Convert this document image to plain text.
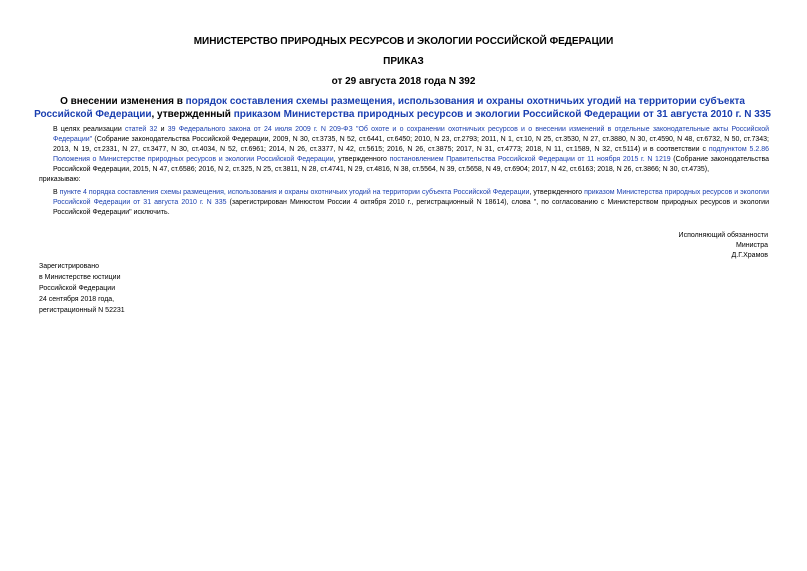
МИНИСТЕРСТВО ПРИРОДНЫХ РЕСУРСОВ И ЭКОЛОГИИ РОССИЙСКОЙ ФЕДЕРАЦИИ
ПРИКАЗ
от 29 августа 2018 года N 392
О внесении изменения в порядок составления схемы размещения, использования и охраны охотничьих угодий на территории субъекта Российской Федерации, утвержденный приказом Министерства природных ресурсов и экологии Российской Федерации от 31 августа 2010 г. N 335

В целях реализации статей 32 и 39 Федерального закона от 24 июля 2009 г. N 209-ФЗ "Об охоте и о сохранении охотничьих ресурсов и о внесении изменений в отдельные законодательные акты Российской Федерации" (Собрание законодательства Российской Федерации, 2009, N 30, ст.3735, N 52, ст.6441, ст.6450; 2010, N 23, ст.2793; 2011, N 1, ст.10, N 25, ст.3530, N 27, ст.3880, N 30, ст.4590, N 48, ст.6732, N 50, ст.7343; 2013, N 19, ст.2331, N 27, ст.3477, N 30, ст.4034, N 52, ст.6961; 2014, N 26, ст.3377, N 42, ст.5615; 2016, N 26, ст.3875; 2017, N 31, ст.4773; 2018, N 11, ст.1589, N 32, ст.5114) и в соответствии с подпунктом 5.2.86 Положения о Министерстве природных ресурсов и экологии Российской Федерации, утвержденного постановлением Правительства Российской Федерации от 11 ноября 2015 г. N 1219 (Собрание законодательства Российской Федерации, 2015, N 47, ст.6586; 2016, N 2, ст.325, N 25, ст.3811, N 28, ст.4741, N 29, ст.4816, N 38, ст.5564, N 39, ст.5658, N 49, ст.6904; 2017, N 42, ст.6163; 2018, N 26, ст.3866; N 30, ст.4735),

приказываю:

В пункте 4 порядка составления схемы размещения, использования и охраны охотничьих угодий на территории субъекта Российской Федерации, утвержденного приказом Министерства природных ресурсов и экологии Российской Федерации от 31 августа 2010 г. N 335 (зарегистрирован Минюстом России 4 октября 2010 г., регистрационный N 18614), слова ", по согласованию с Министерством природных ресурсов и экологии Российской Федерации" исключить.

Исполняющий обязанности
Министра
Д.Г.Храмов
Зарегистрировано
в Министерстве юстиции
Российской Федерации
24 сентября 2018 года,
регистрационный N 52231
